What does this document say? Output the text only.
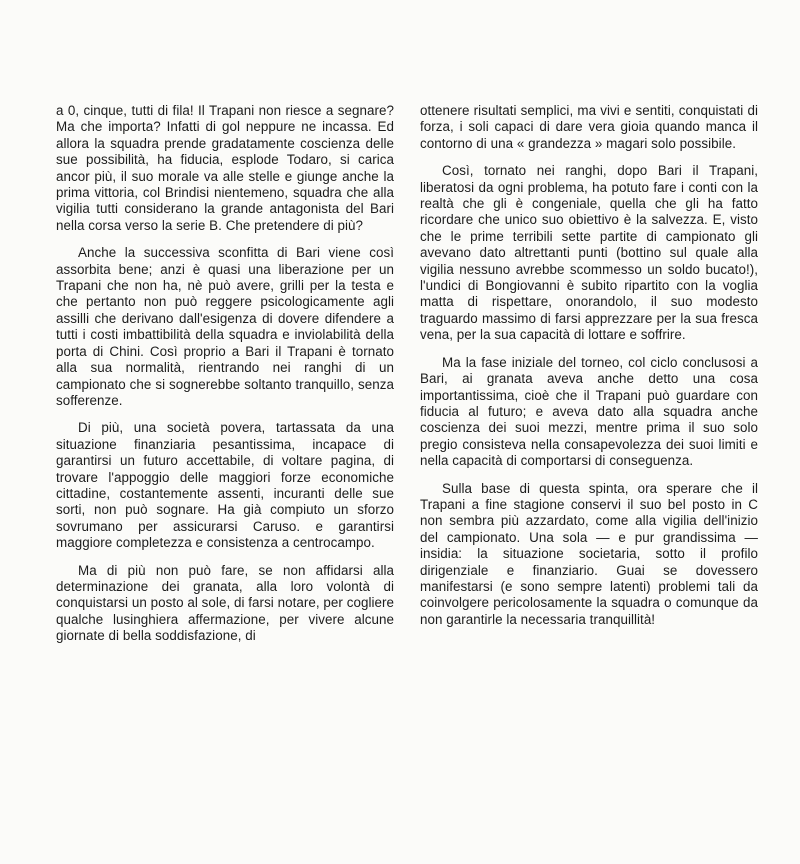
a 0, cinque, tutti di fila! Il Trapani non riesce a segnare? Ma che importa? Infatti di gol neppure ne incassa. Ed allora la squadra prende gradatamente coscienza delle sue possibilità, ha fiducia, esplode Todaro, si carica ancor più, il suo morale va alle stelle e giunge anche la prima vittoria, col Brindisi nientemeno, squadra che alla vigilia tutti considerano la grande antagonista del Bari nella corsa verso la serie B. Che pretendere di più?

Anche la successiva sconfitta di Bari viene così assorbita bene; anzi è quasi una liberazione per un Trapani che non ha, nè può avere, grilli per la testa e che pertanto non può reggere psicologicamente agli assilli che derivano dall'esigenza di dovere difendere a tutti i costi imbattibilità della squadra e inviolabilità della porta di Chini. Così proprio a Bari il Trapani è tornato alla sua normalità, rientrando nei ranghi di un campionato che si sognerebbe soltanto tranquillo, senza sofferenze.

Di più, una società povera, tartassata da una situazione finanziaria pesantissima, incapace di garantirsi un futuro accettabile, di voltare pagina, di trovare l'appoggio delle maggiori forze economiche cittadine, costantemente assenti, incuranti delle sue sorti, non può sognare. Ha già compiuto un sforzo sovrumano per assicurarsi Caruso. e garantirsi maggiore completezza e consistenza a centrocampo.

Ma di più non può fare, se non affidarsi alla determinazione dei granata, alla loro volontà di conquistarsi un posto al sole, di farsi notare, per cogliere qualche lusinghiera affermazione, per vivere alcune giornate di bella soddisfazione, di

ottenere risultati semplici, ma vivi e sentiti, conquistati di forza, i soli capaci di dare vera gioia quando manca il contorno di una « grandezza » magari solo possibile.

Così, tornato nei ranghi, dopo Bari il Trapani, liberatosi da ogni problema, ha potuto fare i conti con la realtà che gli è congeniale, quella che gli ha fatto ricordare che unico suo obiettivo è la salvezza. E, visto che le prime terribili sette partite di campionato gli avevano dato altrettanti punti (bottino sul quale alla vigilia nessuno avrebbe scommesso un soldo bucato!), l'undici di Bongiovanni è subito ripartito con la voglia matta di rispettare, onorandolo, il suo modesto traguardo massimo di farsi apprezzare per la sua fresca vena, per la sua capacità di lottare e soffrire.

Ma la fase iniziale del torneo, col ciclo conclusosi a Bari, ai granata aveva anche detto una cosa importantissima, cioè che il Trapani può guardare con fiducia al futuro; e aveva dato alla squadra anche coscienza dei suoi mezzi, mentre prima il suo solo pregio consisteva nella consapevolezza dei suoi limiti e nella capacità di comportarsi di conseguenza.

Sulla base di questa spinta, ora sperare che il Trapani a fine stagione conservi il suo bel posto in C non sembra più azzardato, come alla vigilia dell'inizio del campionato. Una sola — e pur grandissima — insidia: la situazione societaria, sotto il profilo dirigenziale e finanziario. Guai se dovessero manifestarsi (e sono sempre latenti) problemi tali da coinvolgere pericolosamente la squadra o comunque da non garantirle la necessaria tranquillità!
